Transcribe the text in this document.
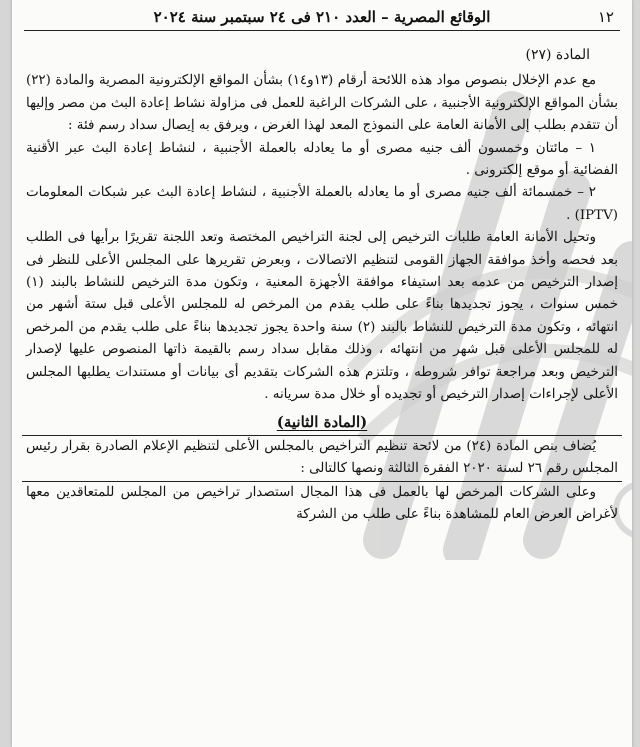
١٢
الوقائع المصرية – العدد ٢١٠ فى ٢٤ سبتمبر سنة ٢٠٢٤
المادة (٢٧)

مع عدم الإخلال بنصوص مواد هذه اللائحة أرقام (١٣و١٤) بشأن المواقع الإلكترونية المصرية والمادة (٢٢) بشأن المواقع الإلكترونية الأجنبية ، على الشركات الراغبة للعمل فى مزاولة نشاط إعادة البث من مصر وإليها أن تتقدم بطلب إلى الأمانة العامة على النموذج المعد لهذا الغرض ، ويرفق به إيصال سداد رسم فئة :

١ – مائتان وخمسون ألف جنيه مصرى أو ما يعادله بالعملة الأجنبية ، لنشاط إعادة البث عبر الأقنية الفضائية أو موقع إلكترونى .

٢ – خمسمائة ألف جنيه مصرى أو ما يعادله بالعملة الأجنبية ، لنشاط إعادة البث عبر شبكات المعلومات (IPTV) .

وتحيل الأمانة العامة طلبات الترخيص إلى لجنة التراخيص المختصة وتعد اللجنة تقريرًا برأيها فى الطلب بعد فحصه وأخذ موافقة الجهاز القومى لتنظيم الاتصالات ، وبعرض تقريرها على المجلس الأعلى للنظر فى إصدار الترخيص من عدمه بعد استيفاء موافقة الأجهزة المعنية ، وتكون مدة الترخيص للنشاط بالبند (١) خمس سنوات ، يجوز تجديدها بناءً على طلب يقدم من المرخص له للمجلس الأعلى قبل ستة أشهر من انتهائه ، وتكون مدة الترخيص للنشاط بالبند (٢) سنة واحدة يجوز تجديدها بناءً على طلب يقدم من المرخص له للمجلس الأعلى قبل شهر من انتهائه ، وذلك مقابل سداد رسم بالقيمة ذاتها المنصوص عليها لإصدار الترخيص وبعد مراجعة توافر شروطه ، وتلتزم هذه الشركات بتقديم أى بيانات أو مستندات يطلبها المجلس الأعلى لإجراءات إصدار الترخيص أو تجديده أو خلال مدة سريانه .

(المادة الثانية)

يُضاف بنص المادة (٢٤) من لائحة تنظيم التراخيص بالمجلس الأعلى لتنظيم الإعلام الصادرة بقرار رئيس المجلس رقم ٢٦ لسنة ٢٠٢٠ الفقرة الثالثة ونصها كالتالى :

وعلى الشركات المرخص لها بالعمل فى هذا المجال استصدار تراخيص من المجلس للمتعاقدين معها لأغراض العرض العام للمشاهدة بناءً على طلب من الشركة
